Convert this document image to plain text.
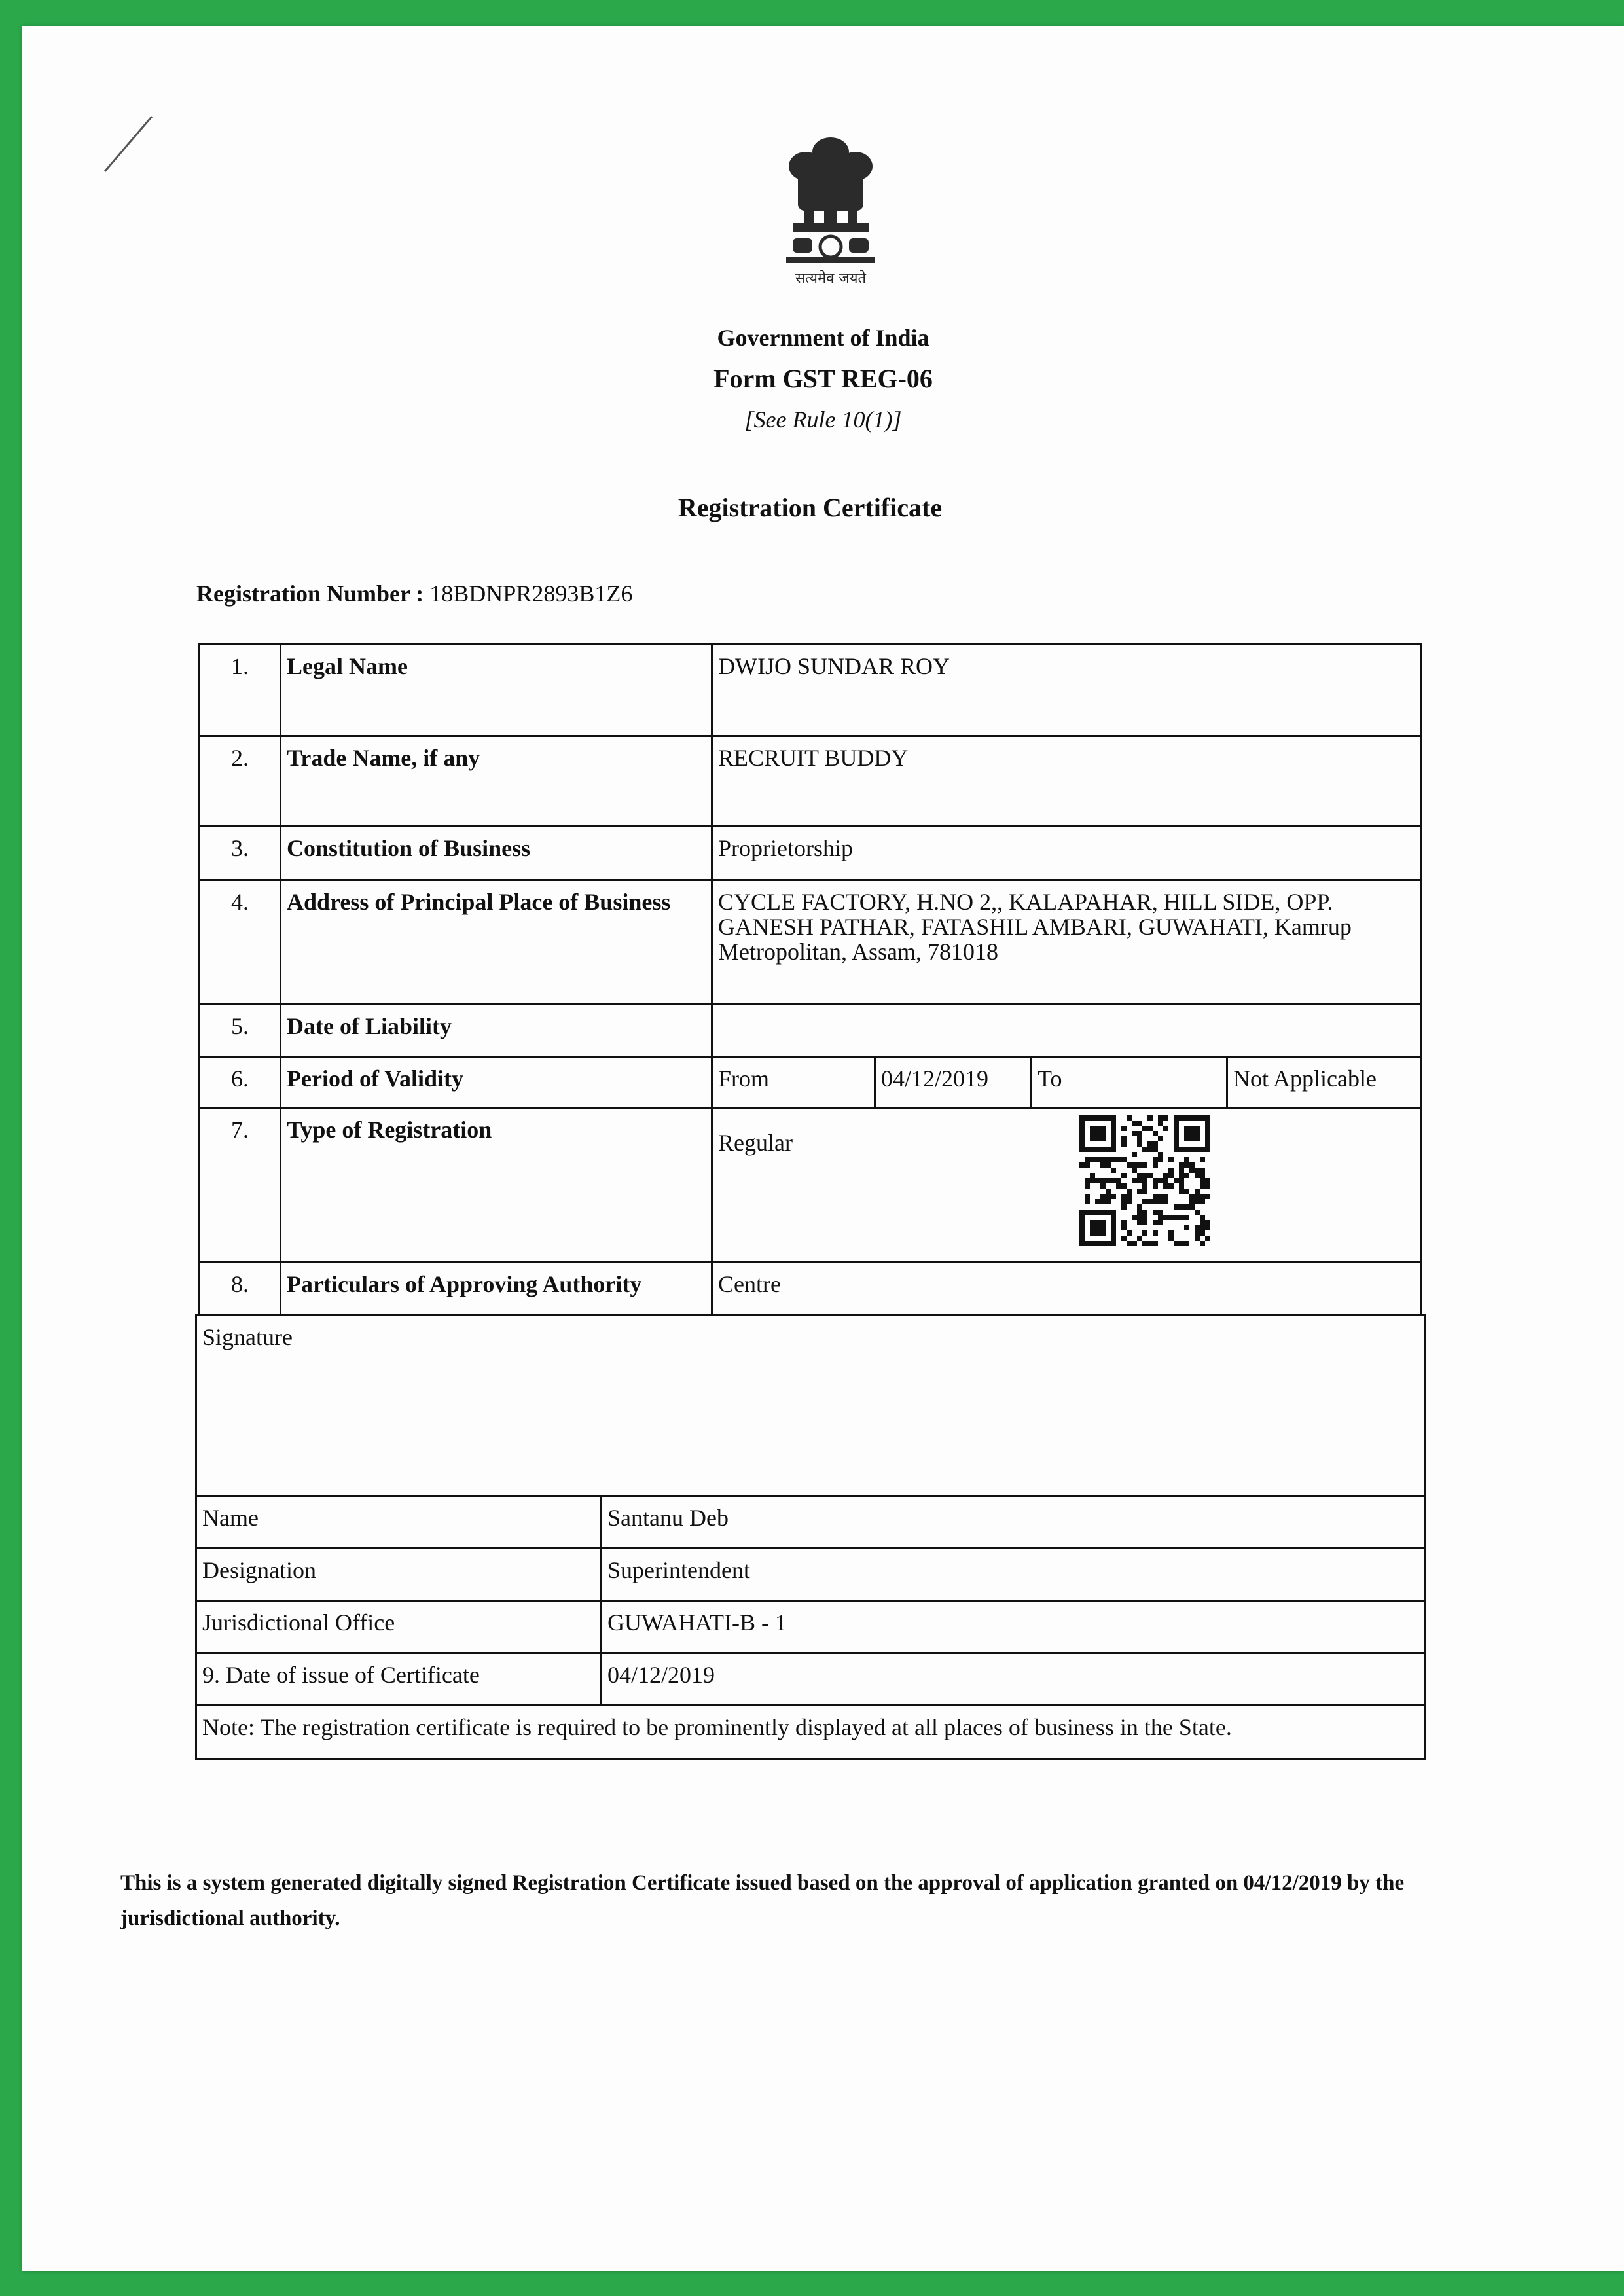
सत्यमेव जयते
Government of India
Form GST REG-06
[See Rule 10(1)]
Registration Certificate
Registration Number : 18BDNPR2893B1Z6
1.	Legal Name	DWIJO SUNDAR ROY			
2.	Trade Name, if any	RECRUIT BUDDY			
3.	Constitution of Business	Proprietorship			
4.	Address of Principal Place of Business	CYCLE FACTORY, H.NO 2,, KALAPAHAR, HILL SIDE, OPP. GANESH PATHAR, FATASHIL AMBARI, GUWAHATI, Kamrup Metropolitan, Assam, 781018			
5.	Date of Liability				
6.	Period of Validity	From	04/12/2019	To	Not Applicable
7.	Type of Registration	Regular			

8.	Particulars of Approving Authority	Centre			
Signature	
Name	Santanu Deb
Designation	Superintendent
Jurisdictional Office	GUWAHATI-B - 1
9. Date of issue of Certificate	04/12/2019
Note: The registration certificate is required to be prominently displayed at all places of business in the State.	
This is a system generated digitally signed Registration Certificate issued based on the approval of application granted on 04/12/2019 by the jurisdictional authority.
